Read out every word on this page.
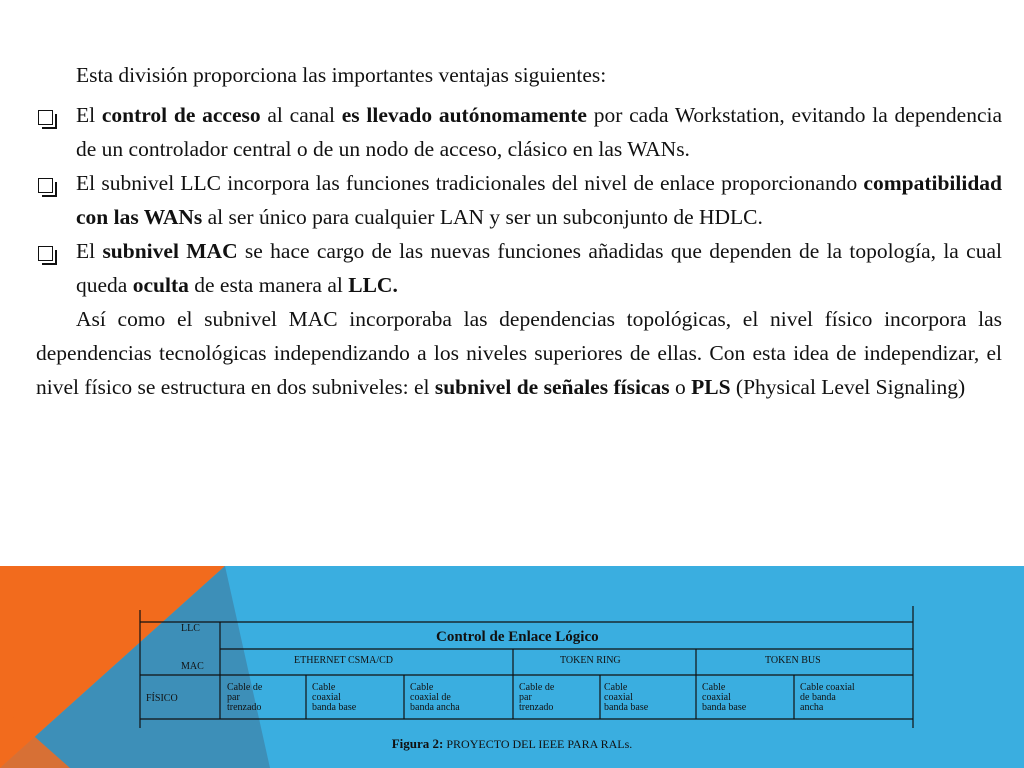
Esta división proporciona las importantes ventajas siguientes:

El control de acceso al canal es llevado autónomamente por cada Workstation, evitando la dependencia de un controlador central o de un nodo de acceso, clásico en las WANs.

El subnivel LLC incorpora las funciones tradicionales del nivel de enlace proporcionando compatibilidad con las WANs al ser único para cualquier LAN y ser un subconjunto de HDLC.

El subnivel MAC se hace cargo de las nuevas funciones añadidas que dependen de la topología, la cual queda oculta de esta manera al LLC.

Así como el subnivel MAC incorporaba las dependencias topológicas, el nivel físico incorpora las dependencias tecnológicas independizando a los niveles superiores de ellas. Con esta idea de independizar, el nivel físico se estructura en dos subniveles: el subnivel de señales físicas o PLS (Physical Level Signaling)

LLC
MAC
FÍSICO
Control de Enlace Lógico
ETHERNET CSMA/CD	TOKEN RING	TOKEN BUS
Cable de
par
trenzado
Cable
coaxial
banda base
Cable
coaxial de
banda ancha
Cable de
par
trenzado
Cable
coaxial
banda base
Cable
coaxial
banda base
Cable coaxial
de banda
ancha
Figura 2: PROYECTO DEL IEEE PARA RALs.
